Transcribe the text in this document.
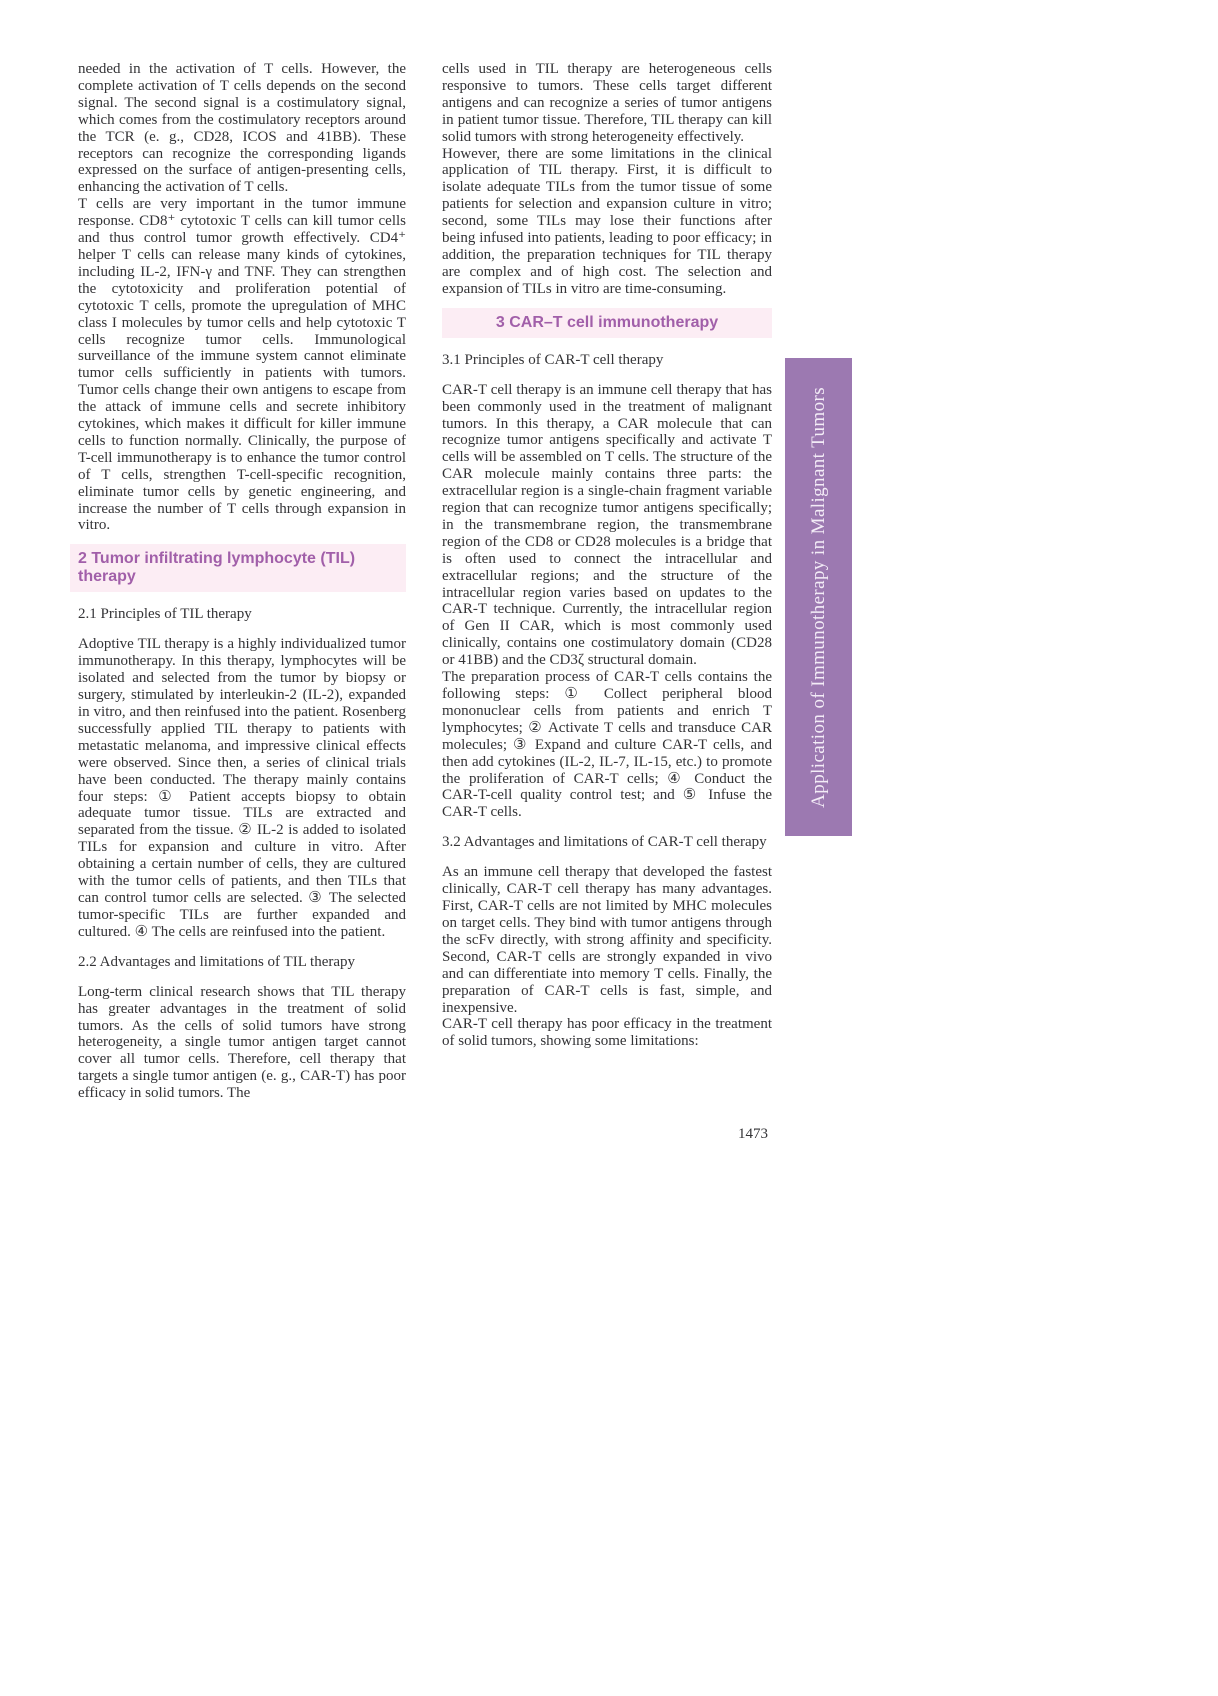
needed in the activation of T cells. However, the complete activation of T cells depends on the second signal. The second signal is a costimulatory signal, which comes from the costimulatory receptors around the TCR (e. g., CD28, ICOS and 41BB). These receptors can recognize the corresponding ligands expressed on the surface of antigen-presenting cells, enhancing the activation of T cells.

T cells are very important in the tumor immune response. CD8⁺ cytotoxic T cells can kill tumor cells and thus control tumor growth effectively. CD4⁺ helper T cells can release many kinds of cytokines, including IL-2, IFN-γ and TNF. They can strengthen the cytotoxicity and proliferation potential of cytotoxic T cells, promote the upregulation of MHC class I molecules by tumor cells and help cytotoxic T cells recognize tumor cells. Immunological surveillance of the immune system cannot eliminate tumor cells sufficiently in patients with tumors. Tumor cells change their own antigens to escape from the attack of immune cells and secrete inhibitory cytokines, which makes it difficult for killer immune cells to function normally. Clinically, the purpose of T-cell immunotherapy is to enhance the tumor control of T cells, strengthen T-cell-specific recognition, eliminate tumor cells by genetic engineering, and increase the number of T cells through expansion in vitro.

2 Tumor infiltrating lymphocyte (TIL) therapy
2.1 Principles of TIL therapy

Adoptive TIL therapy is a highly individualized tumor immunotherapy. In this therapy, lymphocytes will be isolated and selected from the tumor by biopsy or surgery, stimulated by interleukin-2 (IL-2), expanded in vitro, and then reinfused into the patient. Rosenberg successfully applied TIL therapy to patients with metastatic melanoma, and impressive clinical effects were observed. Since then, a series of clinical trials have been conducted. The therapy mainly contains four steps: ① Patient accepts biopsy to obtain adequate tumor tissue. TILs are extracted and separated from the tissue. ② IL-2 is added to isolated TILs for expansion and culture in vitro. After obtaining a certain number of cells, they are cultured with the tumor cells of patients, and then TILs that can control tumor cells are selected. ③ The selected tumor-specific TILs are further expanded and cultured. ④ The cells are reinfused into the patient.

2.2 Advantages and limitations of TIL therapy

Long-term clinical research shows that TIL therapy has greater advantages in the treatment of solid tumors. As the cells of solid tumors have strong heterogeneity, a single tumor antigen target cannot cover all tumor cells. Therefore, cell therapy that targets a single tumor antigen (e. g., CAR-T) has poor efficacy in solid tumors. The

cells used in TIL therapy are heterogeneous cells responsive to tumors. These cells target different antigens and can recognize a series of tumor antigens in patient tumor tissue. Therefore, TIL therapy can kill solid tumors with strong heterogeneity effectively.

However, there are some limitations in the clinical application of TIL therapy. First, it is difficult to isolate adequate TILs from the tumor tissue of some patients for selection and expansion culture in vitro; second, some TILs may lose their functions after being infused into patients, leading to poor efficacy; in addition, the preparation techniques for TIL therapy are complex and of high cost. The selection and expansion of TILs in vitro are time-consuming.

3 CAR–T cell immunotherapy
3.1 Principles of CAR-T cell therapy

CAR-T cell therapy is an immune cell therapy that has been commonly used in the treatment of malignant tumors. In this therapy, a CAR molecule that can recognize tumor antigens specifically and activate T cells will be assembled on T cells. The structure of the CAR molecule mainly contains three parts: the extracellular region is a single-chain fragment variable region that can recognize tumor antigens specifically; in the transmembrane region, the transmembrane region of the CD8 or CD28 molecules is a bridge that is often used to connect the intracellular and extracellular regions; and the structure of the intracellular region varies based on updates to the CAR-T technique. Currently, the intracellular region of Gen II CAR, which is most commonly used clinically, contains one costimulatory domain (CD28 or 41BB) and the CD3ζ structural domain.

The preparation process of CAR-T cells contains the following steps: ① Collect peripheral blood mononuclear cells from patients and enrich T lymphocytes; ② Activate T cells and transduce CAR molecules; ③ Expand and culture CAR-T cells, and then add cytokines (IL-2, IL-7, IL-15, etc.) to promote the proliferation of CAR-T cells; ④ Conduct the CAR-T-cell quality control test; and ⑤ Infuse the CAR-T cells.

3.2 Advantages and limitations of CAR-T cell therapy

As an immune cell therapy that developed the fastest clinically, CAR-T cell therapy has many advantages. First, CAR-T cells are not limited by MHC molecules on target cells. They bind with tumor antigens through the scFv directly, with strong affinity and specificity. Second, CAR-T cells are strongly expanded in vivo and can differentiate into memory T cells. Finally, the preparation of CAR-T cells is fast, simple, and inexpensive.

CAR-T cell therapy has poor efficacy in the treatment of solid tumors, showing some limitations:

Application of Immunotherapy in Malignant Tumors
1473
